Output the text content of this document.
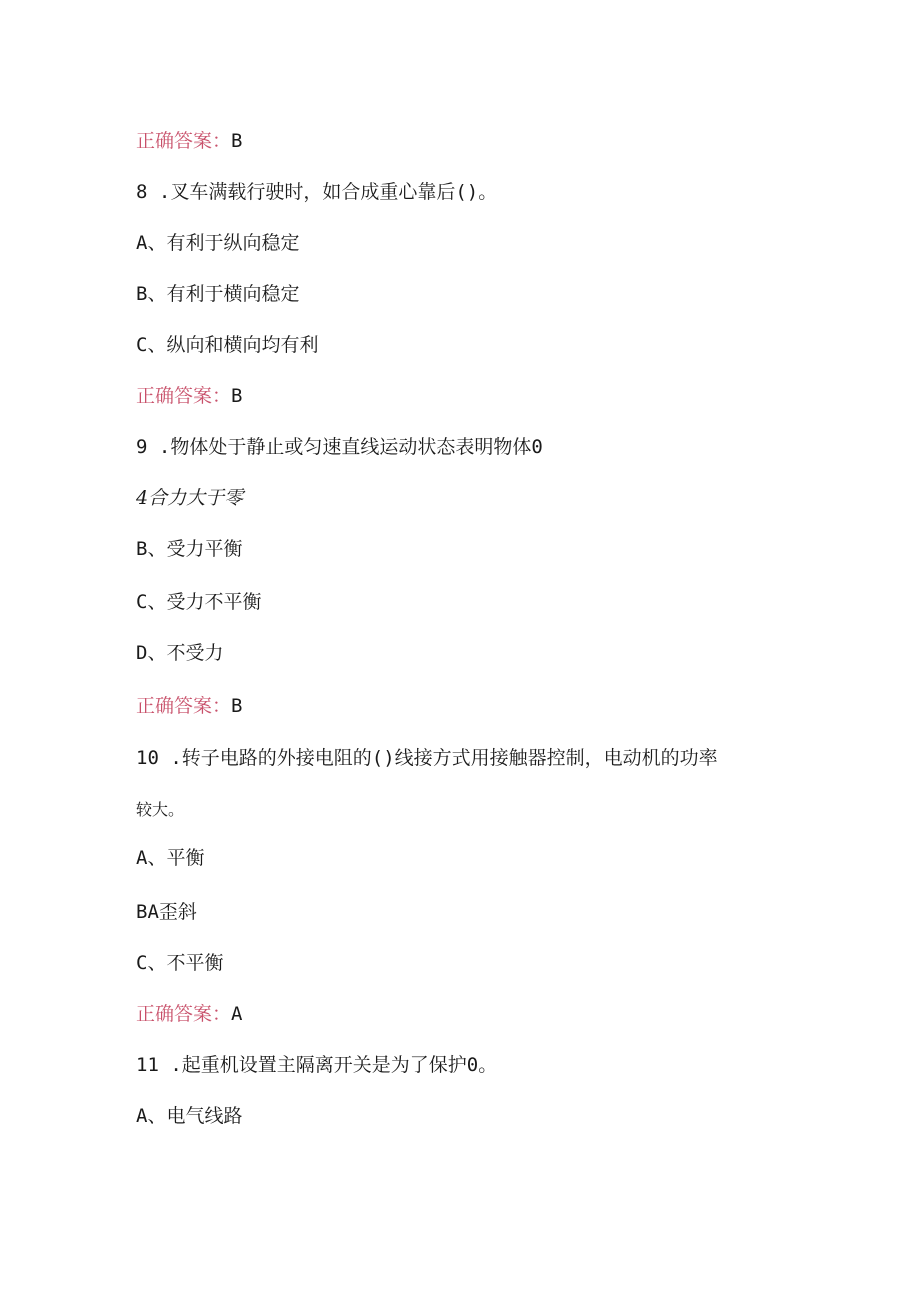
正确答案：B
8 .叉车满载行驶时，如合成重心靠后()。
A、有利于纵向稳定
B、有利于横向稳定
C、纵向和横向均有利
正确答案：B
9 .物体处于静止或匀速直线运动状态表明物体0
4合力大于零
B、受力平衡
C、受力不平衡
D、不受力
正确答案：B
10 .转子电路的外接电阻的()线接方式用接触器控制，电动机的功率
较大。
A、平衡
BA歪斜
C、不平衡
正确答案：A
11 .起重机设置主隔离开关是为了保护0。
A、电气线路
